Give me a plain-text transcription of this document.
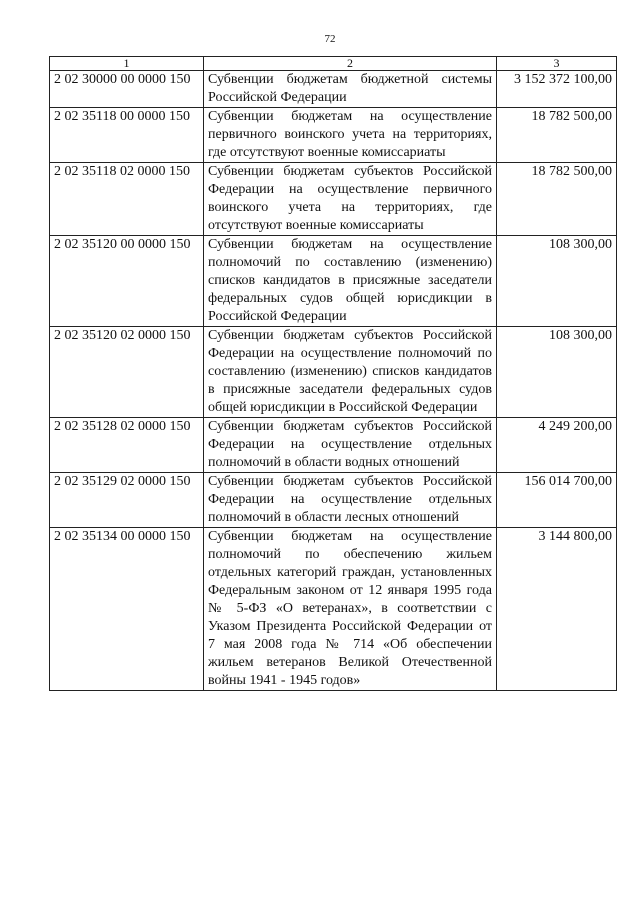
72
1	2	3
2 02 30000 00 0000 150	Субвенции бюджетам бюджетной системы Российской Федерации	3 152 372 100,00
2 02 35118 00 0000 150	Субвенции бюджетам на осуществление первичного воинского учета на территориях, где отсутствуют военные комиссариаты	18 782 500,00
2 02 35118 02 0000 150	Субвенции бюджетам субъектов Российской Федерации на осуществление первичного воинского учета на территориях, где отсутствуют военные комиссариаты	18 782 500,00
2 02 35120 00 0000 150	Субвенции бюджетам на осуществление полномочий по составлению (изменению) списков кандидатов в присяжные заседатели федеральных судов общей юрисдикции в Российской Федерации	108 300,00
2 02 35120 02 0000 150	Субвенции бюджетам субъектов Российской Федерации на осуществление полномочий по составлению (изменению) списков кандидатов в присяжные заседатели федеральных судов общей юрисдикции в Российской Федерации	108 300,00
2 02 35128 02 0000 150	Субвенции бюджетам субъектов Российской Федерации на осуществление отдельных полномочий в области водных отношений	4 249 200,00
2 02 35129 02 0000 150	Субвенции бюджетам субъектов Российской Федерации на осуществление отдельных полномочий в области лесных отношений	156 014 700,00
2 02 35134 00 0000 150	Субвенции бюджетам на осуществление полномочий по обеспечению жильем отдельных категорий граждан, установленных Федеральным законом от 12 января 1995 года № 5-ФЗ «О ветеранах», в соответствии с Указом Президента Российской Федерации от 7 мая 2008 года № 714 «Об обеспечении жильем ветеранов Великой Отечественной войны 1941 - 1945 годов»	3 144 800,00
